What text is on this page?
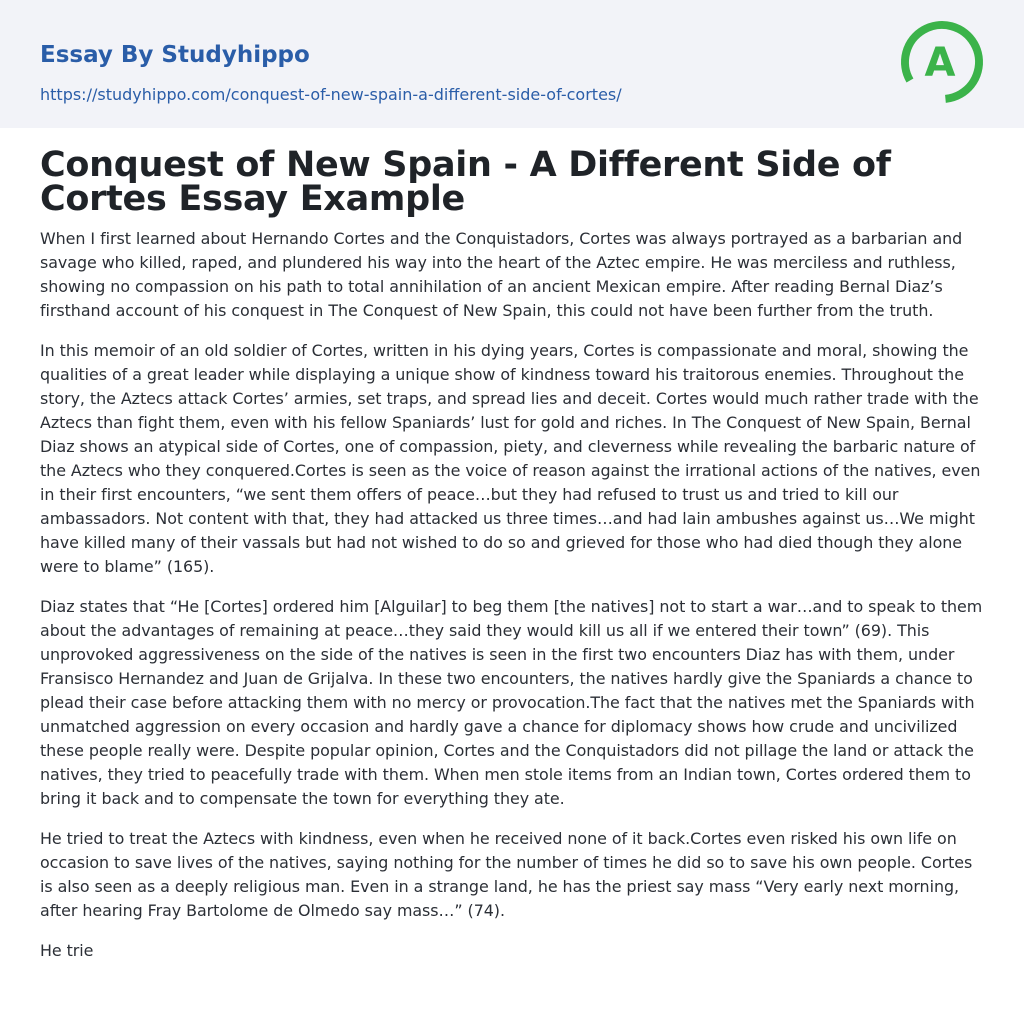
Essay By Studyhippo
https://studyhippo.com/conquest-of-new-spain-a-different-side-of-cortes/
A
Conquest of New Spain - A Different Side of Cortes Essay Example

When I first learned about Hernando Cortes and the Conquistadors, Cortes was always portrayed as a barbarian and savage who killed, raped, and plundered his way into the heart of the Aztec empire. He was merciless and ruthless, showing no compassion on his path to total annihilation of an ancient Mexican empire. After reading Bernal Diaz’s firsthand account of his conquest in The Conquest of New Spain, this could not have been further from the truth.

In this memoir of an old soldier of Cortes, written in his dying years, Cortes is compassionate and moral, showing the qualities of a great leader while displaying a unique show of kindness toward his traitorous enemies. Throughout the story, the Aztecs attack Cortes’ armies, set traps, and spread lies and deceit. Cortes would much rather trade with the Aztecs than fight them, even with his fellow Spaniards’ lust for gold and riches. In The Conquest of New Spain, Bernal Diaz shows an atypical side of Cortes, one of compassion, piety, and cleverness while revealing the barbaric nature of the Aztecs who they conquered.Cortes is seen as the voice of reason against the irrational actions of the natives, even in their first encounters, “we sent them offers of peace…but they had refused to trust us and tried to kill our ambassadors. Not content with that, they had attacked us three times…and had lain ambushes against us…We might have killed many of their vassals but had not wished to do so and grieved for those who had died though they alone were to blame” (165).

Diaz states that “He [Cortes] ordered him [Alguilar] to beg them [the natives] not to start a war…and to speak to them about the advantages of remaining at peace…they said they would kill us all if we entered their town” (69). This unprovoked aggressiveness on the side of the natives is seen in the first two encounters Diaz has with them, under Fransisco Hernandez and Juan de Grijalva. In these two encounters, the natives hardly give the Spaniards a chance to plead their case before attacking them with no mercy or provocation.The fact that the natives met the Spaniards with unmatched aggression on every occasion and hardly gave a chance for diplomacy shows how crude and uncivilized these people really were. Despite popular opinion, Cortes and the Conquistadors did not pillage the land or attack the natives, they tried to peacefully trade with them. When men stole items from an Indian town, Cortes ordered them to bring it back and to compensate the town for everything they ate.

He tried to treat the Aztecs with kindness, even when he received none of it back.Cortes even risked his own life on occasion to save lives of the natives, saying nothing for the number of times he did so to save his own people. Cortes is also seen as a deeply religious man. Even in a strange land, he has the priest say mass “Very early next morning, after hearing Fray Bartolome de Olmedo say mass…” (74).

He trie
